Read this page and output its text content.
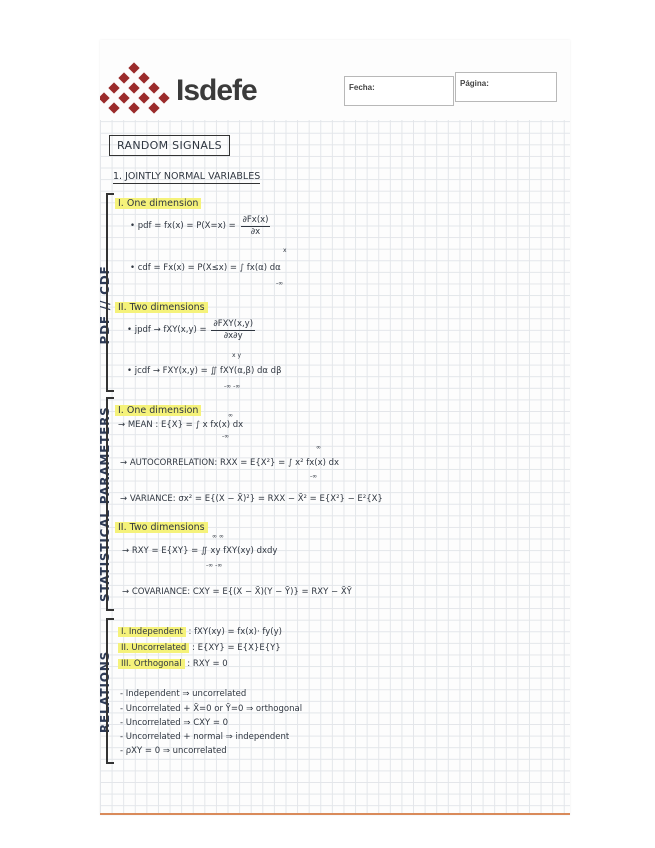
Isdefe	Fecha:	Página:
RANDOM SIGNALS
1. JOINTLY NORMAL VARIABLES
PDF // CDF
STATISTICAL PARAMETERS
RELATIONS
I. One dimension
• pdf = $fx(x) = P(X=x) = \frac{\partial Fx(x)}{\partial x}$
x
• cdf = Fx(x) = P(X≤x) = ∫ fx(α) dα
-∞
II. Two dimensions
• jpdf → $fXY(x,y) = \frac{\text{∂FXY(x,y)}}{\partial x\partial y}$
x y
• jcdf → FXY(x,y) = ∬ fXY(α,β) dα dβ
-∞ -∞
I. One dimension	∞
→ MEAN : E{X} = ∫ x fx(x) dx
-∞
∞
→ AUTOCORRELATION: RXX = E{X²} = ∫ x² fx(x) dx
-∞
→ VARIANCE: σx² = E{(X − X̄)²} = RXX − X̄² = E{X²} − E²{X}
II. Two dimensions
∞ ∞
→ RXY = E{XY} = ∬ xy fXY(xy) dxdy
-∞ -∞
→ COVARIANCE: CXY = E{(X − X̄)(Y − Ȳ)} = RXY − X̄Ȳ
I. Independent : fXY(xy) = fx(x)· fy(y)
II. Uncorrelated : E{XY} = E{X}E{Y}
III. Orthogonal : RXY = 0
- Independent ⇒ uncorrelated
- Uncorrelated + X̄=0 or Ȳ=0 ⇒ orthogonal
- Uncorrelated ⇒ CXY = 0
- Uncorrelated + normal ⇒ independent
- ρXY = 0 ⇒ uncorrelated
